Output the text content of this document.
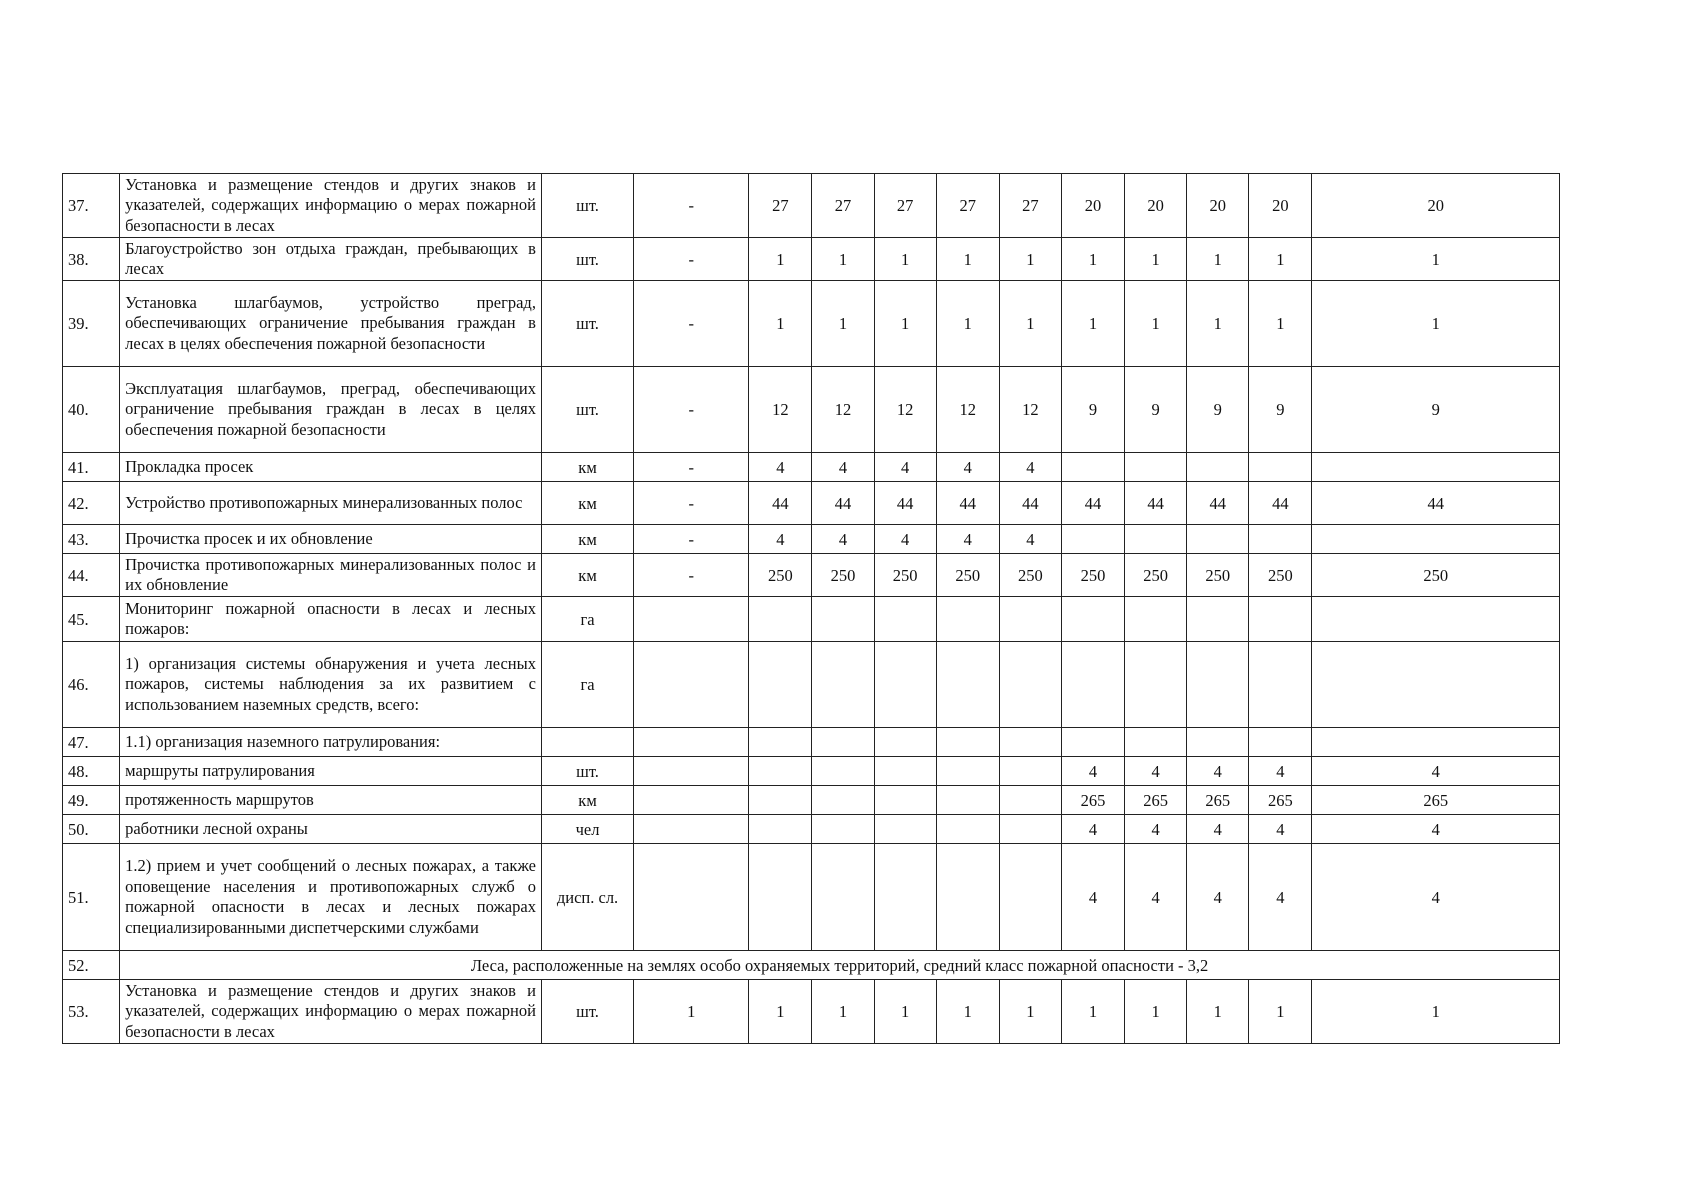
37.	Установка и размещение стендов и других знаков и указателей, содержащих информацию о мерах пожарной безопасности в лесах	шт.	-	27	27	27	27	27	20	20	20	20	20
38.	Благоустройство зон отдыха граждан, пребывающих в лесах	шт.	-	1	1	1	1	1	1	1	1	1	1
39.	Установка шлагбаумов, устройство преград, обеспечивающих ограничение пребывания граждан в лесах в целях обеспечения пожарной безопасности	шт.	-	1	1	1	1	1	1	1	1	1	1
40.	Эксплуатация шлагбаумов, преград, обеспечивающих ограничение пребывания граждан в лесах в целях обеспечения пожарной безопасности	шт.	-	12	12	12	12	12	9	9	9	9	9
41.	Прокладка просек	км	-	4	4	4	4	4					
42.	Устройство противопожарных минерализованных полос	км	-	44	44	44	44	44	44	44	44	44	44
43.	Прочистка просек и их обновление	км	-	4	4	4	4	4					
44.	Прочистка противопожарных минерализованных полос и их обновление	км	-	250	250	250	250	250	250	250	250	250	250
45.	Мониторинг пожарной опасности в лесах и лесных пожаров:	га											
46.	1) организация системы обнаружения и учета лесных пожаров, системы наблюдения за их развитием с использованием наземных средств, всего:	га											
47.	1.1) организация наземного патрулирования:												
48.	маршруты патрулирования	шт.							4	4	4	4	4
49.	протяженность маршрутов	км							265	265	265	265	265
50.	работники лесной охраны	чел							4	4	4	4	4
51.	1.2) прием и учет сообщений о лесных пожарах, а также оповещение населения и противопожарных служб о пожарной опасности в лесах и лесных пожарах специализированными диспетчерскими службами	дисп. сл.							4	4	4	4	4
52.	Леса, расположенные на землях особо охраняемых территорий, средний класс пожарной опасности - 3,2												
53.	Установка и размещение стендов и других знаков и указателей, содержащих информацию о мерах пожарной безопасности в лесах	шт.	1	1	1	1	1	1	1	1	1	1	1
